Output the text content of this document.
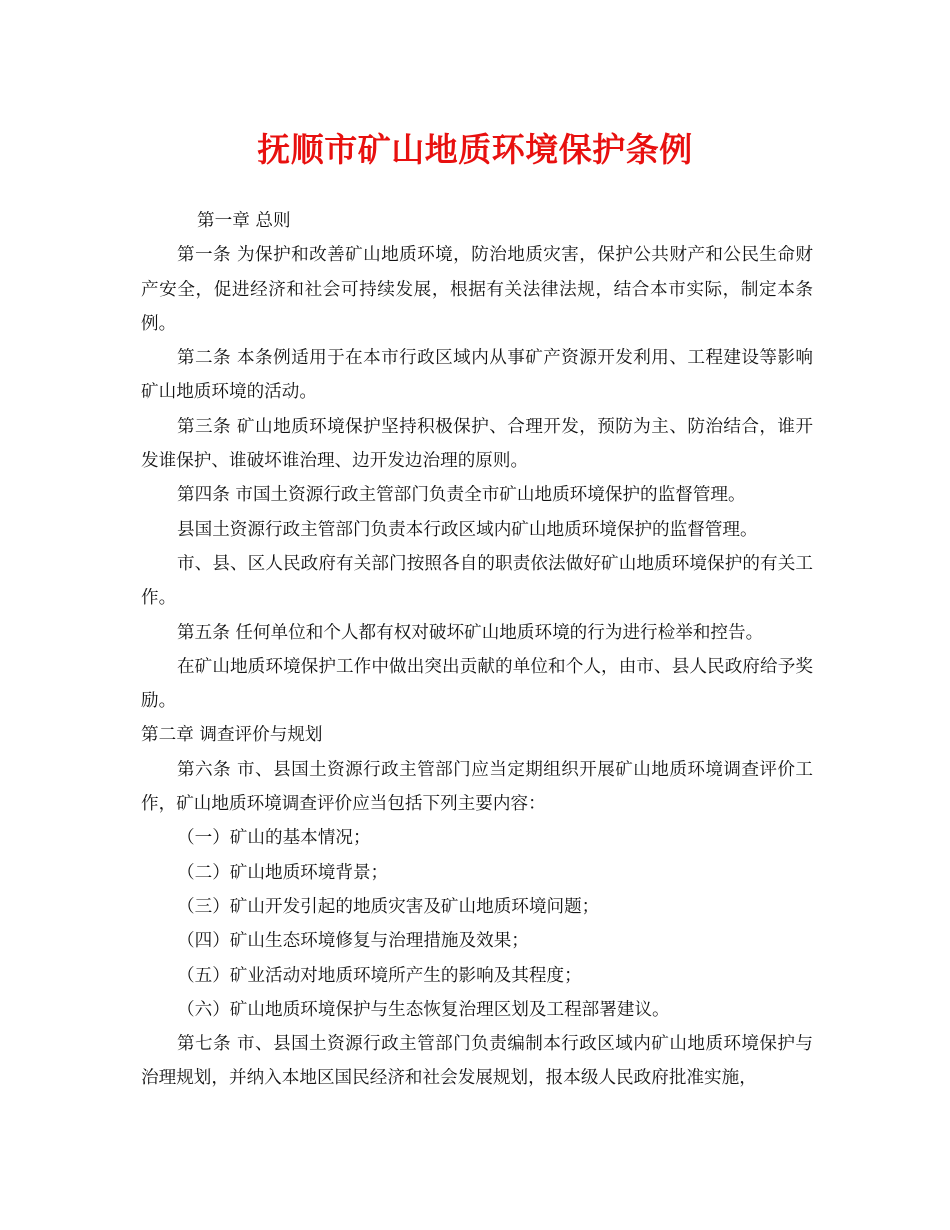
抚顺市矿山地质环境保护条例

第一章 总则

第一条 为保护和改善矿山地质环境，防治地质灾害，保护公共财产和公民生命财产安全，促进经济和社会可持续发展，根据有关法律法规，结合本市实际，制定本条例。

第二条 本条例适用于在本市行政区域内从事矿产资源开发利用、工程建设等影响矿山地质环境的活动。

第三条 矿山地质环境保护坚持积极保护、合理开发，预防为主、防治结合，谁开发谁保护、谁破坏谁治理、边开发边治理的原则。

第四条 市国土资源行政主管部门负责全市矿山地质环境保护的监督管理。

县国土资源行政主管部门负责本行政区域内矿山地质环境保护的监督管理。

市、县、区人民政府有关部门按照各自的职责依法做好矿山地质环境保护的有关工作。

第五条 任何单位和个人都有权对破坏矿山地质环境的行为进行检举和控告。

在矿山地质环境保护工作中做出突出贡献的单位和个人，由市、县人民政府给予奖励。

第二章 调查评价与规划

第六条 市、县国土资源行政主管部门应当定期组织开展矿山地质环境调查评价工作，矿山地质环境调查评价应当包括下列主要内容：

（一）矿山的基本情况；

（二）矿山地质环境背景；

（三）矿山开发引起的地质灾害及矿山地质环境问题；

（四）矿山生态环境修复与治理措施及效果；

（五）矿业活动对地质环境所产生的影响及其程度；

（六）矿山地质环境保护与生态恢复治理区划及工程部署建议。

第七条 市、县国土资源行政主管部门负责编制本行政区域内矿山地质环境保护与治理规划，并纳入本地区国民经济和社会发展规划，报本级人民政府批准实施，
